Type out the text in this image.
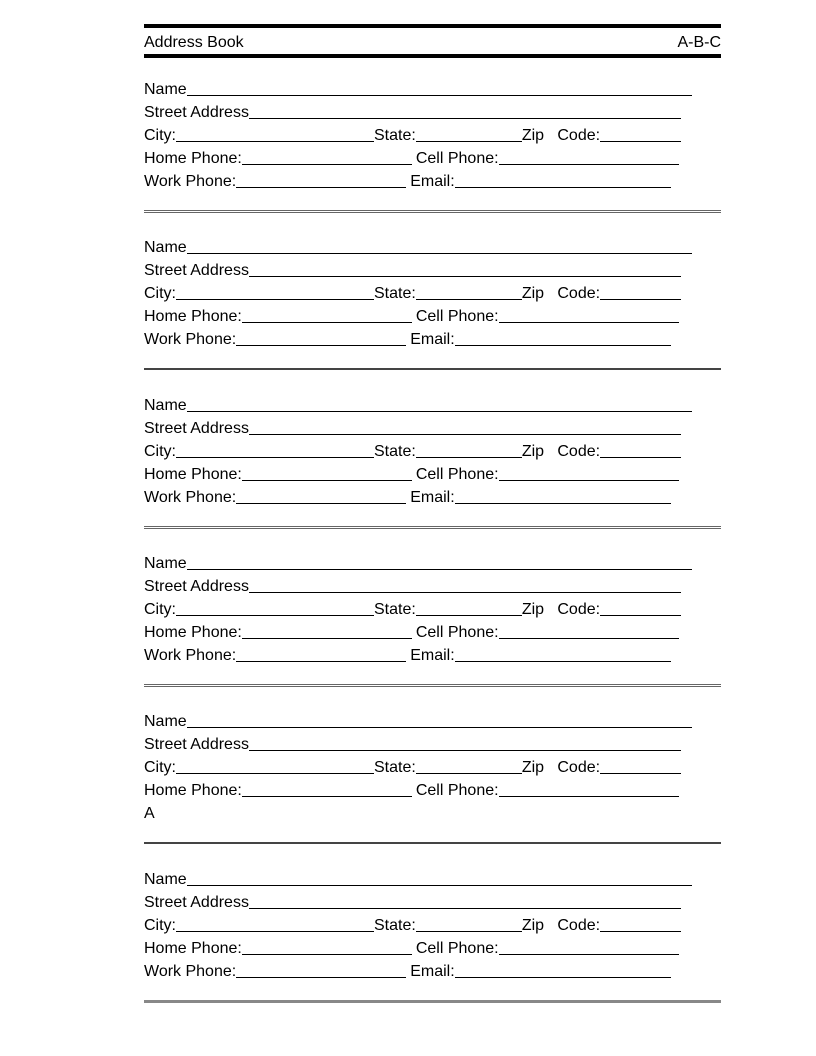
Address Book	A-B-C
Name
Street Address
City:	State:	Zip   Code:
Home Phone:	Cell Phone:
Work Phone:	Email:
Name
Street Address
City:	State:	Zip   Code:
Home Phone:	Cell Phone:
Work Phone:	Email:
Name
Street Address
City:	State:	Zip   Code:
Home Phone:	Cell Phone:
Work Phone:	Email:
Name
Street Address
City:	State:	Zip   Code:
Home Phone:	Cell Phone:
Work Phone:	Email:
Name
Street Address
City:	State:	Zip   Code:
Home Phone:	Cell Phone:
A
Name
Street Address
City:	State:	Zip   Code:
Home Phone:	Cell Phone:
Work Phone:	Email:
